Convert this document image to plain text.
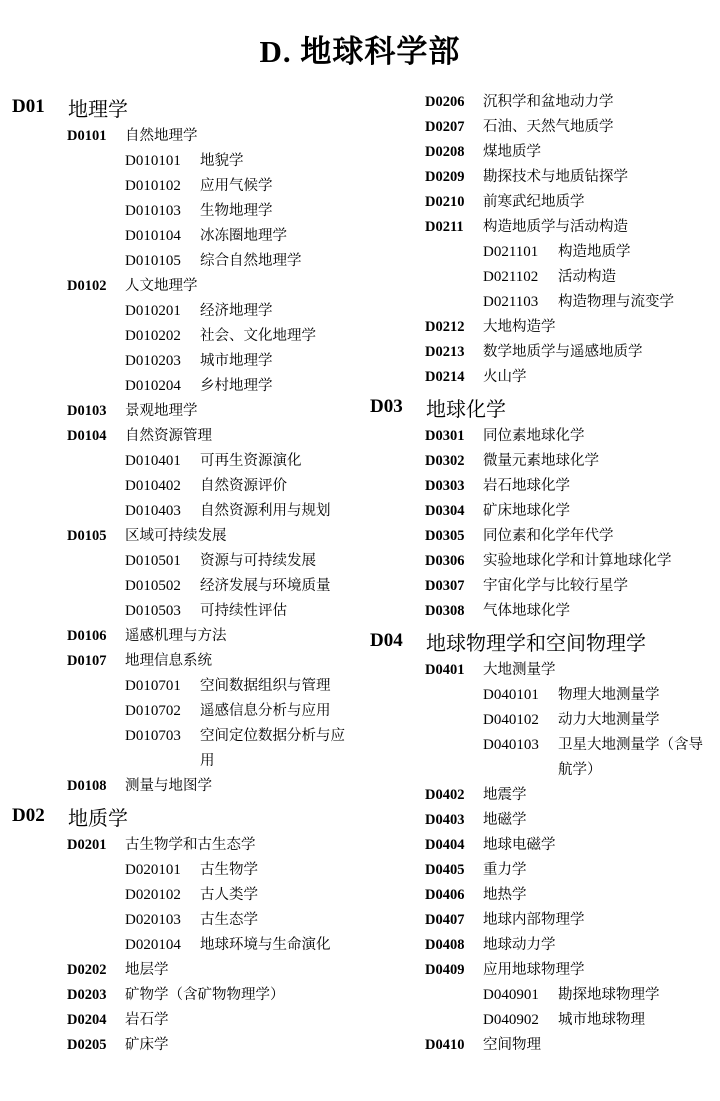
D. 地球科学部
D01	地理学
D0101	自然地理学
D010101	地貌学
D010102	应用气候学
D010103	生物地理学
D010104	冰冻圈地理学
D010105	综合自然地理学
D0102	人文地理学
D010201	经济地理学
D010202	社会、文化地理学
D010203	城市地理学
D010204	乡村地理学
D0103	景观地理学
D0104	自然资源管理
D010401	可再生资源演化
D010402	自然资源评价
D010403	自然资源利用与规划
D0105	区域可持续发展
D010501	资源与可持续发展
D010502	经济发展与环境质量
D010503	可持续性评估
D0106	遥感机理与方法
D0107	地理信息系统
D010701	空间数据组织与管理
D010702	遥感信息分析与应用
D010703	空间定位数据分析与应用
D0108	测量与地图学
D02	地质学
D0201	古生物学和古生态学
D020101	古生物学
D020102	古人类学
D020103	古生态学
D020104	地球环境与生命演化
D0202	地层学
D0203	矿物学（含矿物物理学）
D0204	岩石学
D0205	矿床学
D0206	沉积学和盆地动力学
D0207	石油、天然气地质学
D0208	煤地质学
D0209	勘探技术与地质钻探学
D0210	前寒武纪地质学
D0211	构造地质学与活动构造
D021101	构造地质学
D021102	活动构造
D021103	构造物理与流变学
D0212	大地构造学
D0213	数学地质学与遥感地质学
D0214	火山学
D03	地球化学
D0301	同位素地球化学
D0302	微量元素地球化学
D0303	岩石地球化学
D0304	矿床地球化学
D0305	同位素和化学年代学
D0306	实验地球化学和计算地球化学
D0307	宇宙化学与比较行星学
D0308	气体地球化学
D04	地球物理学和空间物理学
D0401	大地测量学
D040101	物理大地测量学
D040102	动力大地测量学
D040103	卫星大地测量学（含导航学）
D0402	地震学
D0403	地磁学
D0404	地球电磁学
D0405	重力学
D0406	地热学
D0407	地球内部物理学
D0408	地球动力学
D0409	应用地球物理学
D040901	勘探地球物理学
D040902	城市地球物理
D0410	空间物理
